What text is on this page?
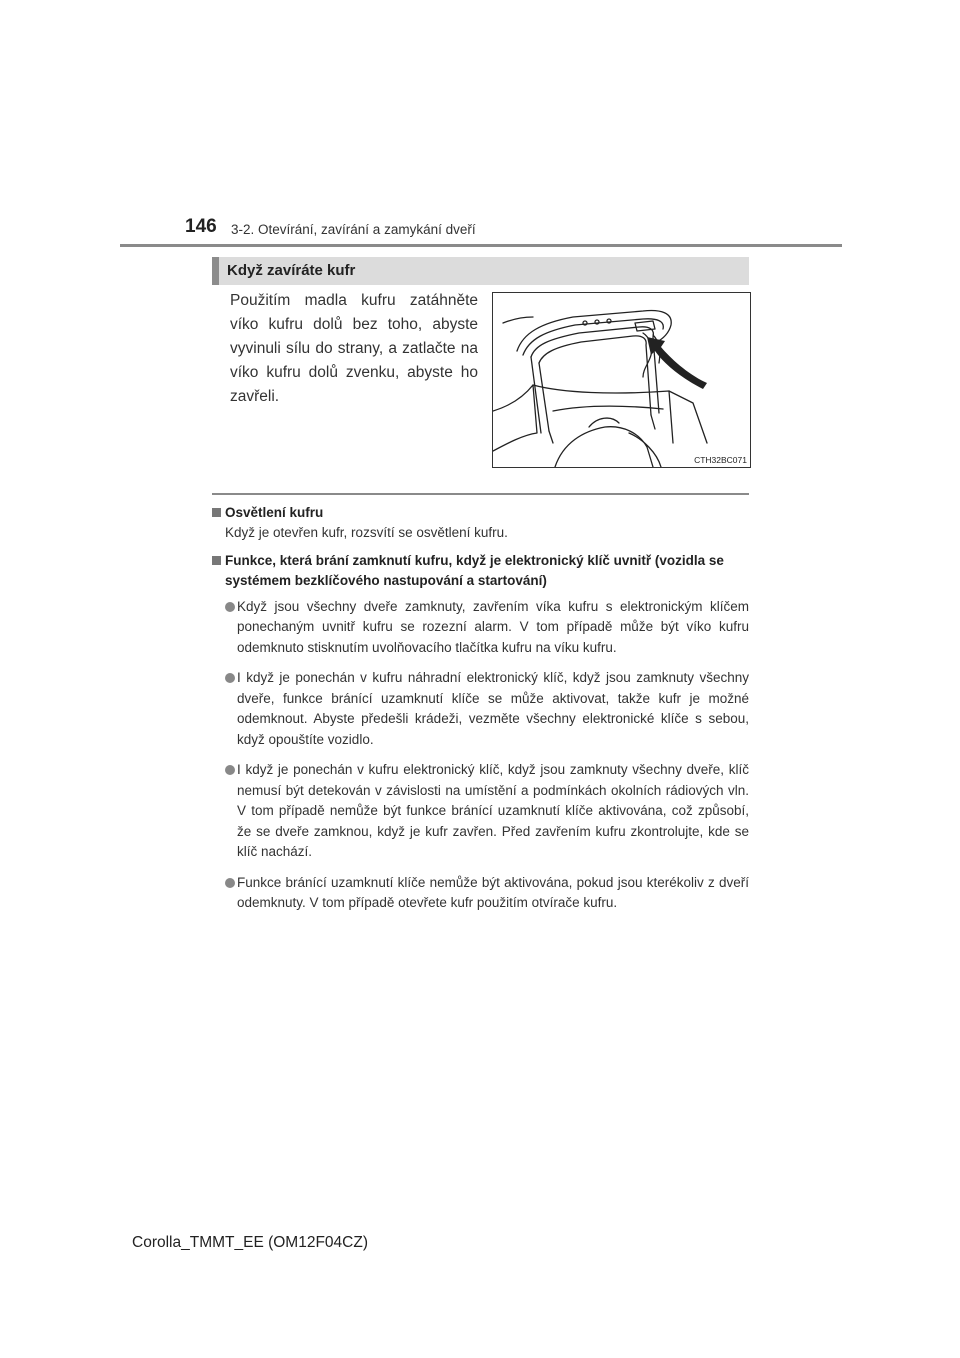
146 3-2. Otevírání, zavírání a zamykání dveří
Když zavíráte kufr
Použitím madla kufru zatáhněte víko kufru dolů bez toho, abyste vyvinuli sílu do strany, a zatlačte na víko kufru dolů zvenku, abyste ho zavřeli.
CTH32BC071
Osvětlení kufru
Když je otevřen kufr, rozsvítí se osvětlení kufru.
Funkce, která brání zamknutí kufru, když je elektronický klíč uvnitř (vozidla se systémem bezklíčového nastupování a startování)
Když jsou všechny dveře zamknuty, zavřením víka kufru s elektronickým klíčem ponechaným uvnitř kufru se rozezní alarm. V tom případě může být víko kufru odemknuto stisknutím uvolňovacího tlačítka kufru na víku kufru.
I když je ponechán v kufru náhradní elektronický klíč, když jsou zamknuty všechny dveře, funkce bránící uzamknutí klíče se může aktivovat, takže kufr je možné odemknout. Abyste předešli krádeži, vezměte všechny elektronické klíče s sebou, když opouštíte vozidlo.
I když je ponechán v kufru elektronický klíč, když jsou zamknuty všechny dveře, klíč nemusí být detekován v závislosti na umístění a podmínkách okolních rádiových vln. V tom případě nemůže být funkce bránící uzamknutí klíče aktivována, což způsobí, že se dveře zamknou, když je kufr zavřen. Před zavřením kufru zkontrolujte, kde se klíč nachází.
Funkce bránící uzamknutí klíče nemůže být aktivována, pokud jsou kterékoliv z dveří odemknuty. V tom případě otevřete kufr použitím otvírače kufru.
Corolla_TMMT_EE (OM12F04CZ)
